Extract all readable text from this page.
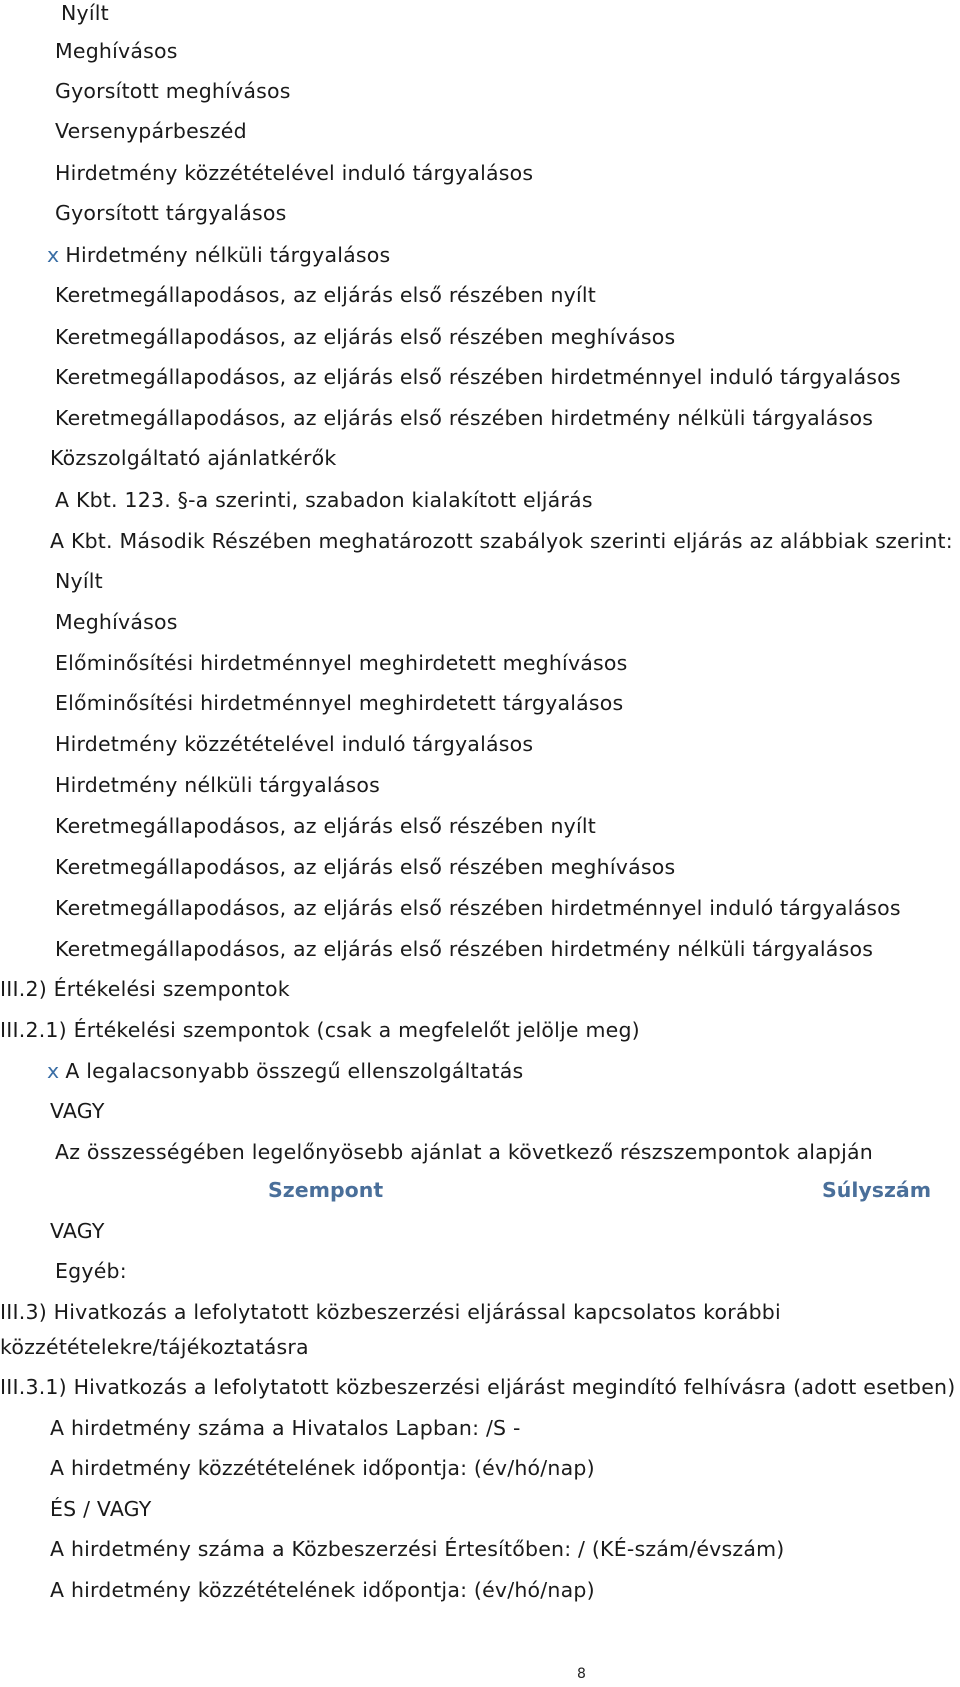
Nyílt
Meghívásos
Gyorsított meghívásos
Versenypárbeszéd
Hirdetmény közzétételével induló tárgyalásos
Gyorsított tárgyalásos
x Hirdetmény nélküli tárgyalásos
Keretmegállapodásos, az eljárás első részében nyílt
Keretmegállapodásos, az eljárás első részében meghívásos
Keretmegállapodásos, az eljárás első részében hirdetménnyel induló tárgyalásos
Keretmegállapodásos, az eljárás első részében hirdetmény nélküli tárgyalásos
Közszolgáltató ajánlatkérők
A Kbt. 123. §-a szerinti, szabadon kialakított eljárás
A Kbt. Második Részében meghatározott szabályok szerinti eljárás az alábbiak szerint:
Nyílt
Meghívásos
Előminősítési hirdetménnyel meghirdetett meghívásos
Előminősítési hirdetménnyel meghirdetett tárgyalásos
Hirdetmény közzétételével induló tárgyalásos
Hirdetmény nélküli tárgyalásos
Keretmegállapodásos, az eljárás első részében nyílt
Keretmegállapodásos, az eljárás első részében meghívásos
Keretmegállapodásos, az eljárás első részében hirdetménnyel induló tárgyalásos
Keretmegállapodásos, az eljárás első részében hirdetmény nélküli tárgyalásos
III.2) Értékelési szempontok
III.2.1) Értékelési szempontok (csak a megfelelőt jelölje meg)
x A legalacsonyabb összegű ellenszolgáltatás
VAGY
Az összességében legelőnyösebb ajánlat a következő részszempontok alapján
Szempont	Súlyszám
VAGY
Egyéb:
III.3) Hivatkozás a lefolytatott közbeszerzési eljárással kapcsolatos korábbi
közzétételekre/tájékoztatásra
III.3.1) Hivatkozás a lefolytatott közbeszerzési eljárást megindító felhívásra (adott esetben)
A hirdetmény száma a Hivatalos Lapban: /S -
A hirdetmény közzétételének időpontja: (év/hó/nap)
ÉS / VAGY
A hirdetmény száma a Közbeszerzési Értesítőben: / (KÉ-szám/évszám)
A hirdetmény közzétételének időpontja: (év/hó/nap)
8
